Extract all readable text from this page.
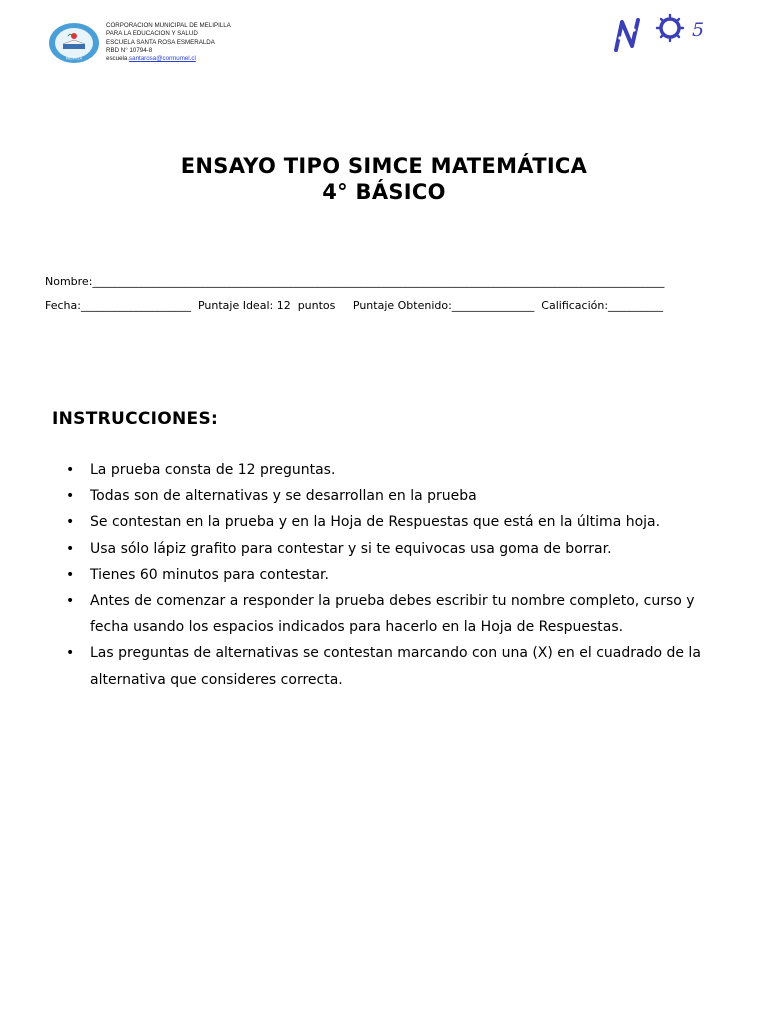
MELIPILLA
CORPORACION MUNICIPAL DE MELIPILLA
PARA LA EDUCACION Y SALUD
ESCUELA SANTA ROSA ESMERALDA
RBD N° 10794-8
escuela.santarosa@cormumel.cl
5
ENSAYO TIPO SIMCE MATEMÁTICA
4° BÁSICO
Nombre:________________________________________________________________________________________________________
Fecha:____________________  Puntaje Ideal: 12  puntos     Puntaje Obtenido:_______________  Calificación:__________
INSTRUCCIONES:
• La prueba consta de 12 preguntas.
• Todas son de alternativas y se desarrollan en la prueba
• Se contestan en la prueba y en la Hoja de Respuestas que está en la última hoja.
• Usa sólo lápiz grafito para contestar y si te equivocas usa goma de borrar.
• Tienes 60 minutos para contestar.
• Antes de comenzar a responder la prueba debes escribir tu nombre completo, curso y fecha usando los espacios indicados para hacerlo en la Hoja de Respuestas.
• Las preguntas de alternativas se contestan marcando con una (X) en el cuadrado de la alternativa que consideres correcta.
